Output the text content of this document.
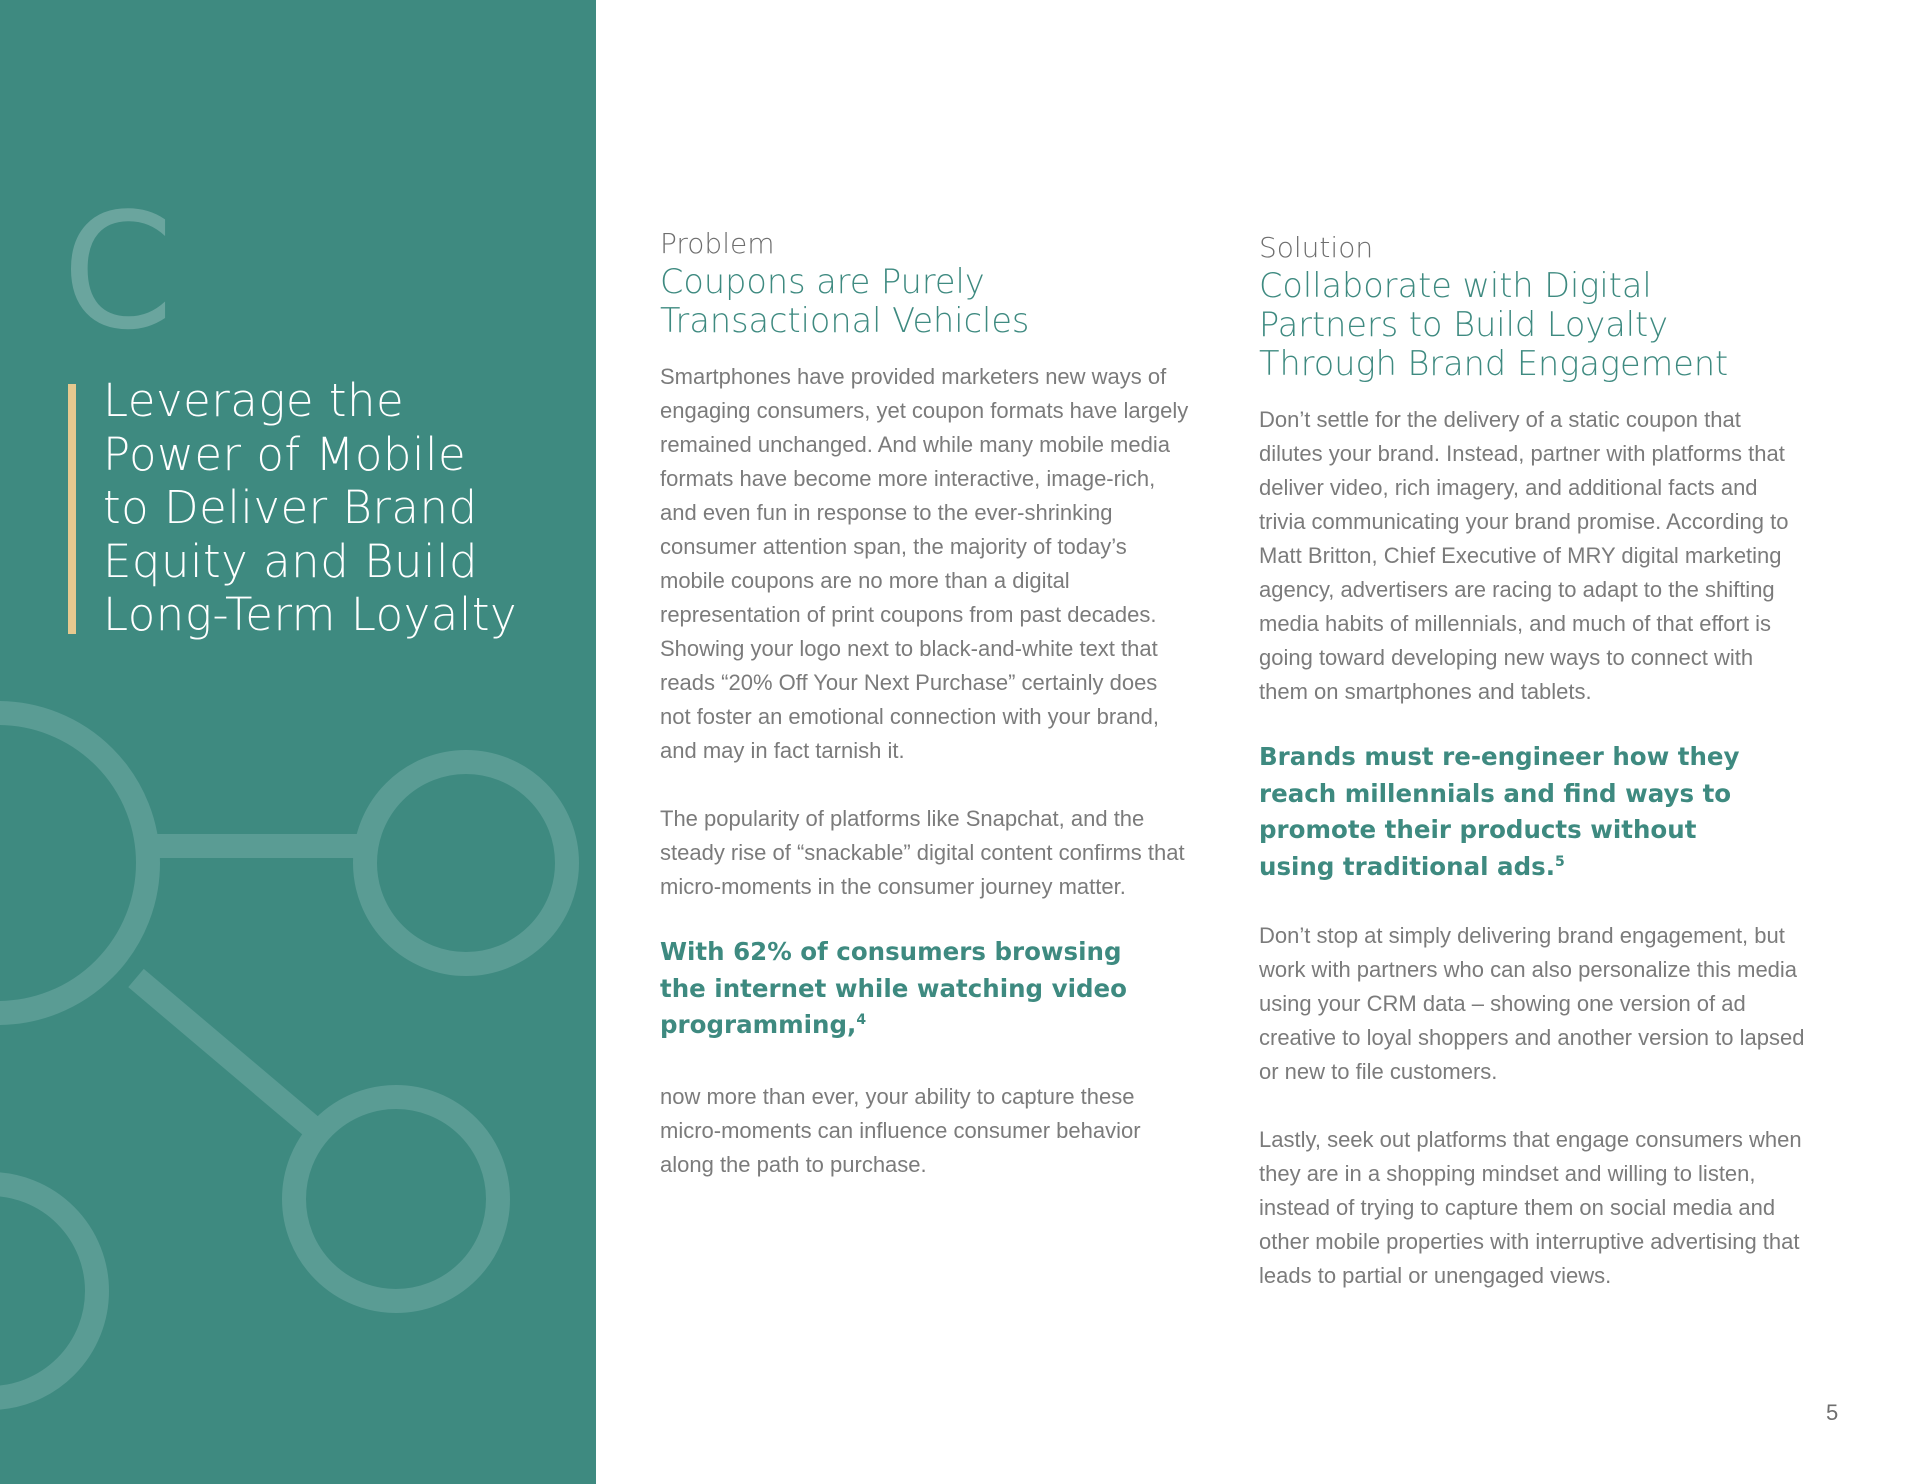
C
Leverage the
Power of Mobile
to Deliver Brand
Equity and Build
Long-Term Loyalty

Problem

Coupons are Purely
Transactional Vehicles

Smartphones have provided marketers new ways of engaging consumers, yet coupon formats have largely remained unchanged. And while many mobile media formats have become more interactive, image-rich, and even fun in response to the ever-shrinking consumer attention span, the majority of today’s mobile coupons are no more than a digital representation of print coupons from past decades. Showing your logo next to black-and-white text that reads “20% Off Your Next Purchase” certainly does not foster an emotional connection with your brand, and may in fact tarnish it.

The popularity of platforms like Snapchat, and the steady rise of “snackable” digital content confirms that micro-moments in the consumer journey matter.

With 62% of consumers browsing the internet while watching video programming,$^4$

now more than ever, your ability to capture these micro-moments can influence consumer behavior along the path to purchase.

Solution

Collaborate with Digital
Partners to Build Loyalty
Through Brand Engagement

Don’t settle for the delivery of a static coupon that dilutes your brand. Instead, partner with platforms that deliver video, rich imagery, and additional facts and trivia communicating your brand promise. According to Matt Britton, Chief Executive of MRY digital marketing agency, advertisers are racing to adapt to the shifting media habits of millennials, and much of that effort is going toward developing new ways to connect with them on smartphones and tablets.

Brands must re-engineer how they reach millennials and find ways to promote their products without using traditional ads.$^5$

Don’t stop at simply delivering brand engagement, but work with partners who can also personalize this media using your CRM data – showing one version of ad creative to loyal shoppers and another version to lapsed or new to file customers.

Lastly, seek out platforms that engage consumers when they are in a shopping mindset and willing to listen, instead of trying to capture them on social media and other mobile properties with interruptive advertising that leads to partial or unengaged views.

5
